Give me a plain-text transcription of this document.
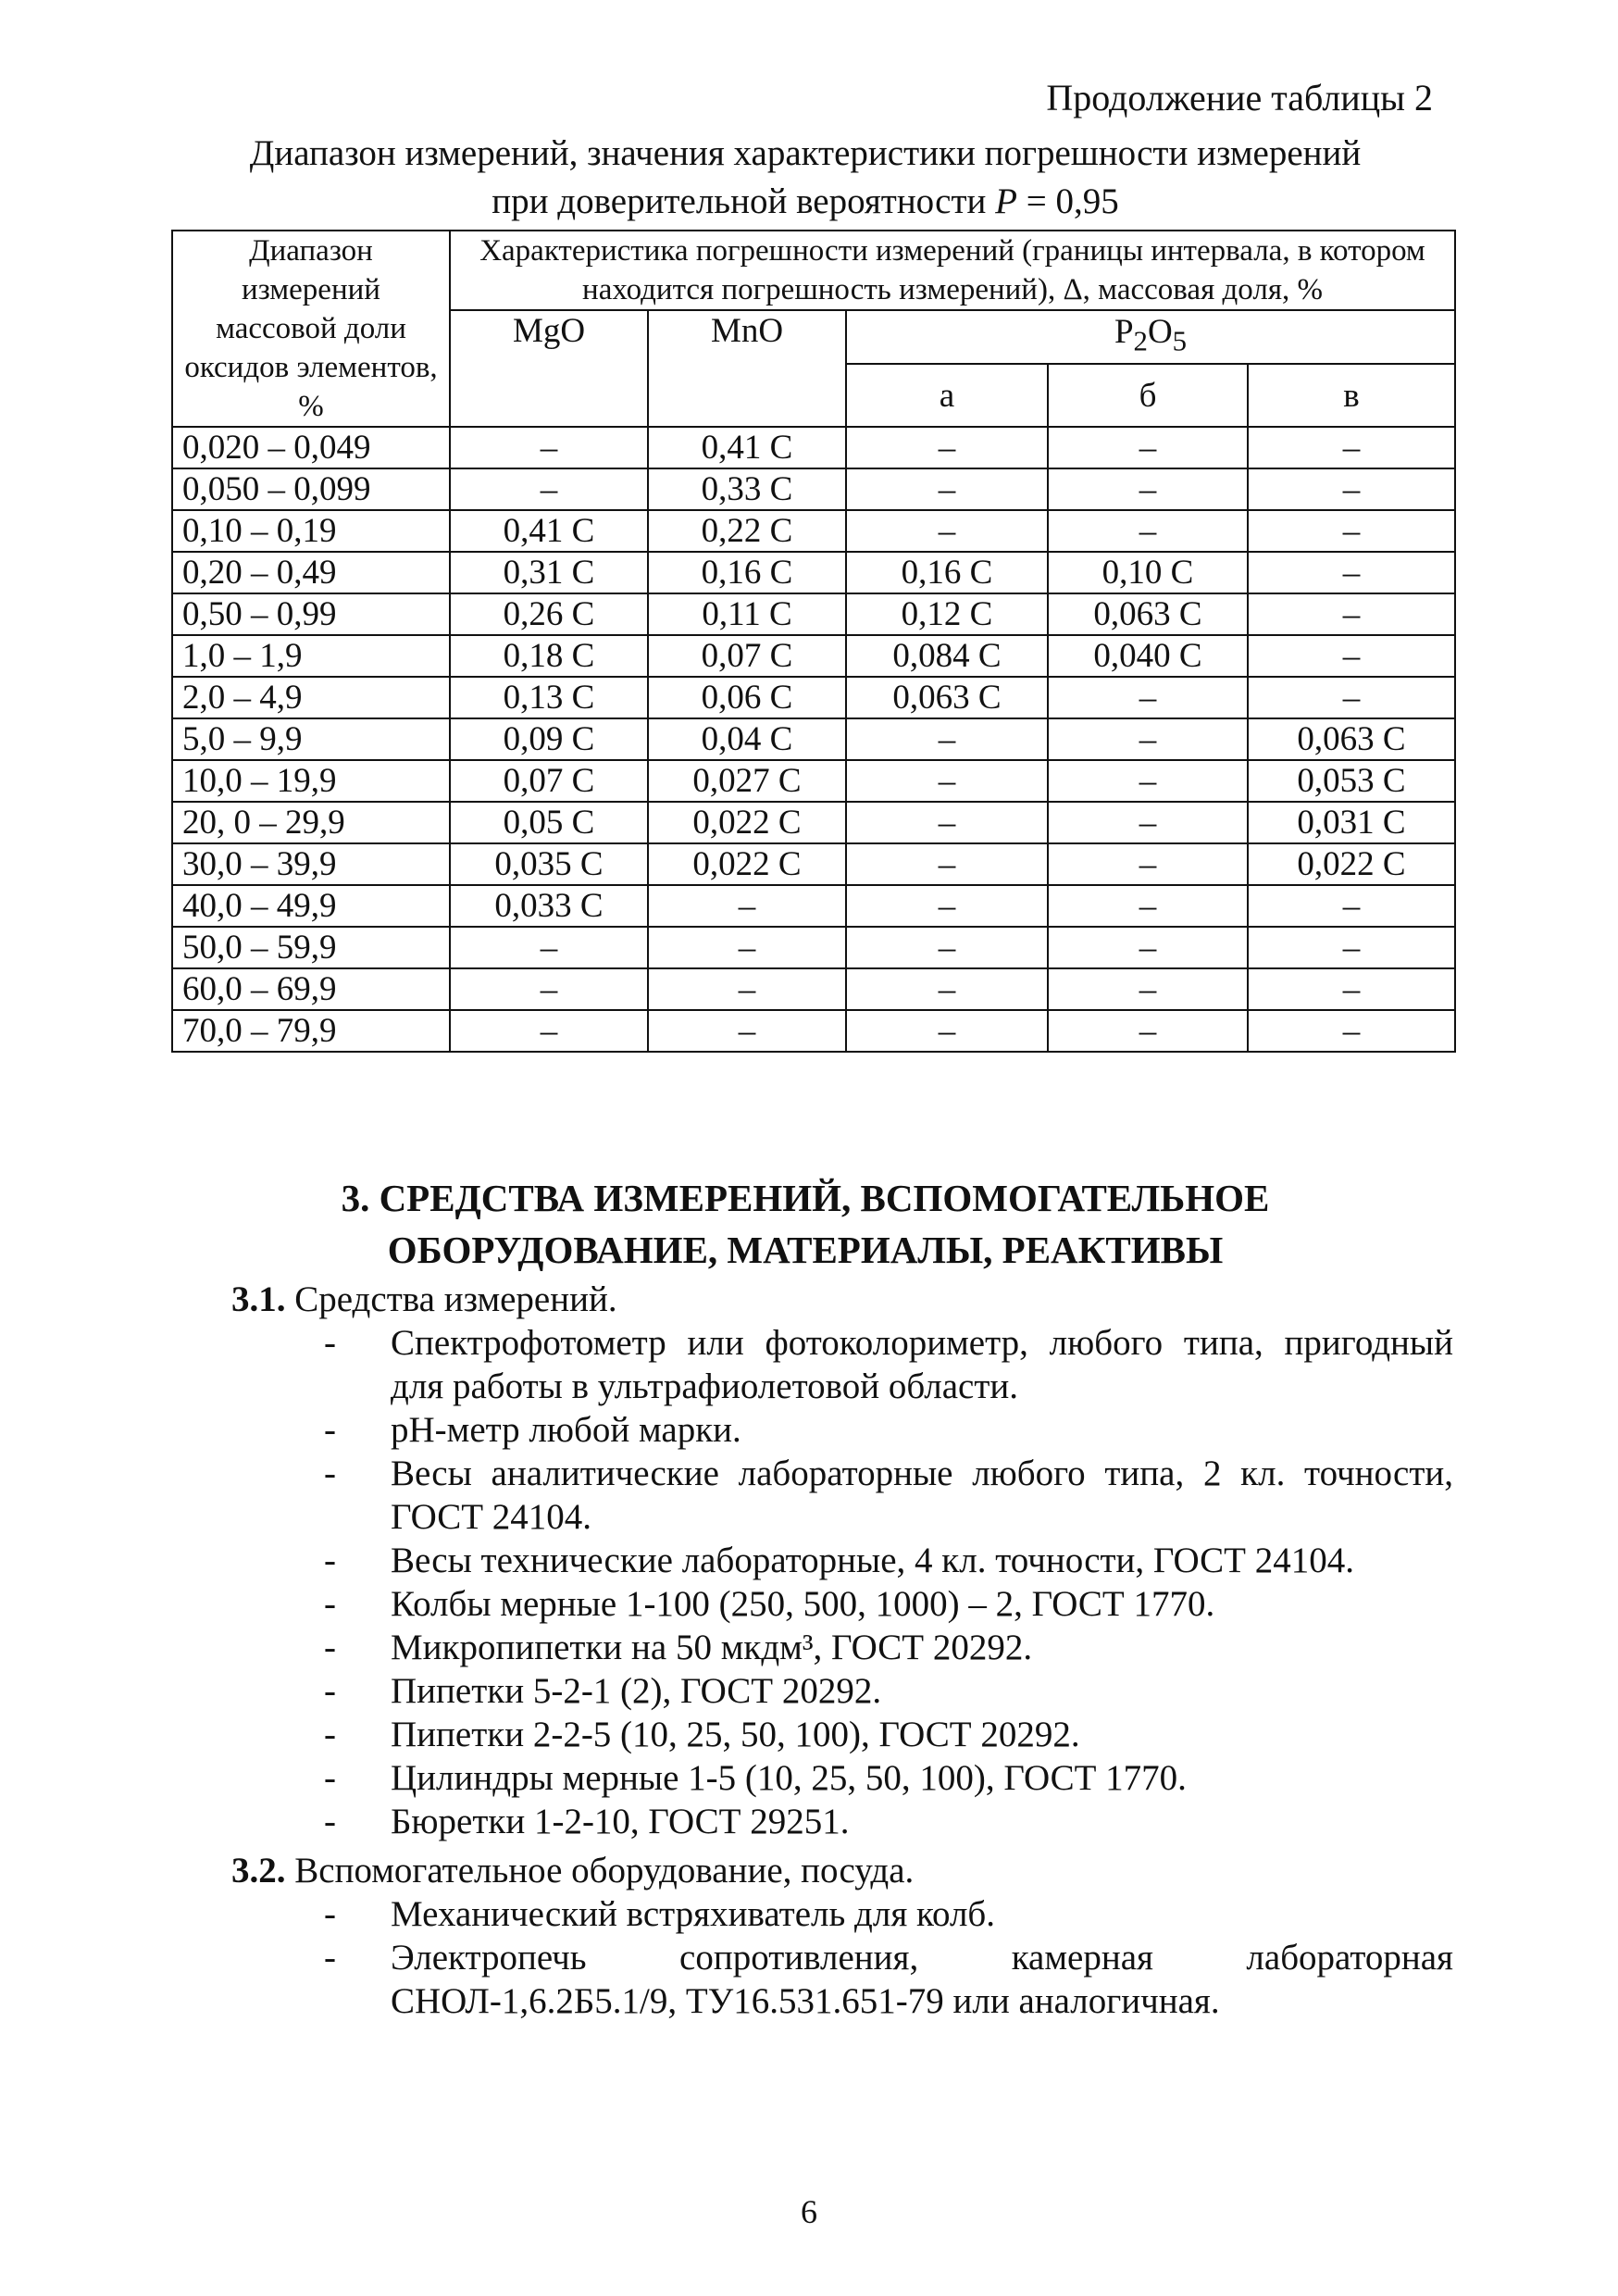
Продолжение таблицы 2
Диапазон измерений, значения характеристики погрешности измерений
при доверительной вероятности P = 0,95
Диапазон измерений массовой доли оксидов элементов, %	Характеристика погрешности измерений (границы интервала, в котором находится погрешность измерений), Δ, массовая доля, %				
	MgO	MnO	$P_2O_5$
			а	б	в
0,020 – 0,049	–	0,41 С	–	–	–
0,050 – 0,099	–	0,33 С	–	–	–
0,10 – 0,19	0,41 С	0,22 С	–	–	–
0,20 – 0,49	0,31 С	0,16 С	0,16 С	0,10 С	–
0,50 – 0,99	0,26 С	0,11 С	0,12 С	0,063 С	–
1,0 – 1,9	0,18 С	0,07 С	0,084 С	0,040 С	–
2,0 – 4,9	0,13 С	0,06 С	0,063 С	–	–
5,0 – 9,9	0,09 С	0,04 С	–	–	0,063 С
10,0 – 19,9	0,07 С	0,027 С	–	–	0,053 С
20, 0 – 29,9	0,05 С	0,022 С	–	–	0,031 С
30,0 – 39,9	0,035 С	0,022 С	–	–	0,022 С
40,0 – 49,9	0,033 С	–	–	–	–
50,0 – 59,9	–	–	–	–	–
60,0 – 69,9	–	–	–	–	–
70,0 – 79,9	–	–	–	–	–
3. СРЕДСТВА ИЗМЕРЕНИЙ, ВСПОМОГАТЕЛЬНОЕ
ОБОРУДОВАНИЕ, МАТЕРИАЛЫ, РЕАКТИВЫ
3.1. Средства измерений.
- Спектрофотометр или фотоколориметр, любого типа, пригодный для работы в ультрафиолетовой области.
- pH-метр любой марки.
- Весы аналитические лабораторные любого типа, 2 кл. точности, ГОСТ 24104.
- Весы технические лабораторные, 4 кл. точности, ГОСТ 24104.
- Колбы мерные 1-100 (250, 500, 1000) – 2, ГОСТ 1770.
- Микропипетки на 50 мкдм³, ГОСТ 20292.
- Пипетки 5-2-1 (2), ГОСТ 20292.
- Пипетки 2-2-5 (10, 25, 50, 100), ГОСТ 20292.
- Цилиндры мерные 1-5 (10, 25, 50, 100), ГОСТ 1770.
- Бюретки 1-2-10, ГОСТ 29251.
3.2. Вспомогательное оборудование, посуда.
- Механический встряхиватель для колб.
- Электропечь сопротивления, камерная лабораторная СНОЛ-1,6.2Б5.1/9, ТУ16.531.651-79 или аналогичная.
6
